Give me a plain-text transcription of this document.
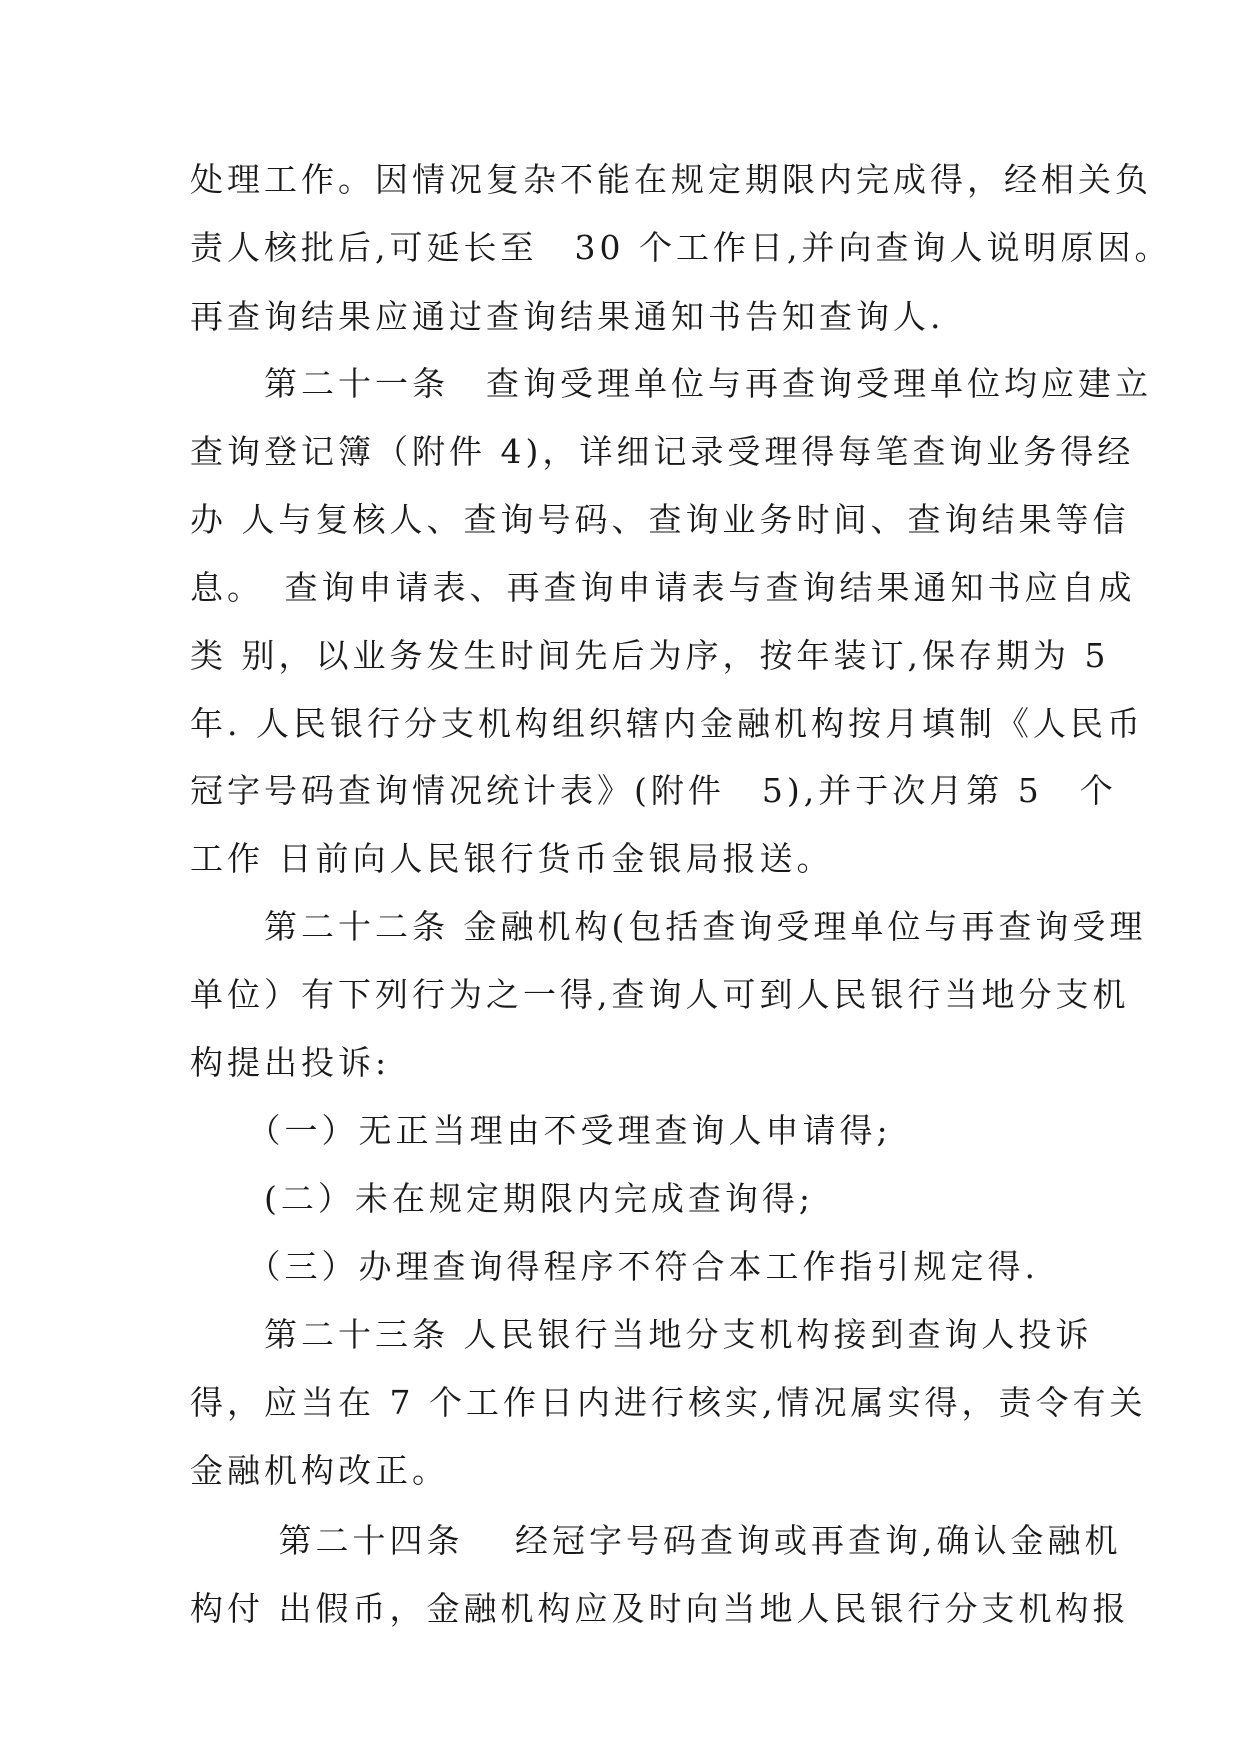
处理工作。因情况复杂不能在规定期限内完成得，经相关负
责人核批后,可延长至　30 个工作日,并向查询人说明原因。
再查询结果应通过查询结果通知书告知查询人.
　　第二十一条　查询受理单位与再查询受理单位均应建立
查询登记簿（附件 4)，详细记录受理得每笔查询业务得经
办 人与复核人、查询号码、查询业务时间、查询结果等信
息。　查询申请表、再查询申请表与查询结果通知书应自成
类 别，以业务发生时间先后为序，按年装订,保存期为 5
年. 人民银行分支机构组织辖内金融机构按月填制《人民币
冠字号码查询情况统计表》(附件　5),并于次月第 5　个
工作 日前向人民银行货币金银局报送。
　　第二十二条 金融机构(包括查询受理单位与再查询受理
单位）有下列行为之一得,查询人可到人民银行当地分支机
构提出投诉:
　　（一）无正当理由不受理查询人申请得;
　　(二）未在规定期限内完成查询得;
　　（三）办理查询得程序不符合本工作指引规定得.
　　第二十三条 人民银行当地分支机构接到查询人投诉
得，应当在 7 个工作日内进行核实,情况属实得，责令有关
金融机构改正。
　　 第二十四条　 经冠字号码查询或再查询,确认金融机
构付 出假币，金融机构应及时向当地人民银行分支机构报
